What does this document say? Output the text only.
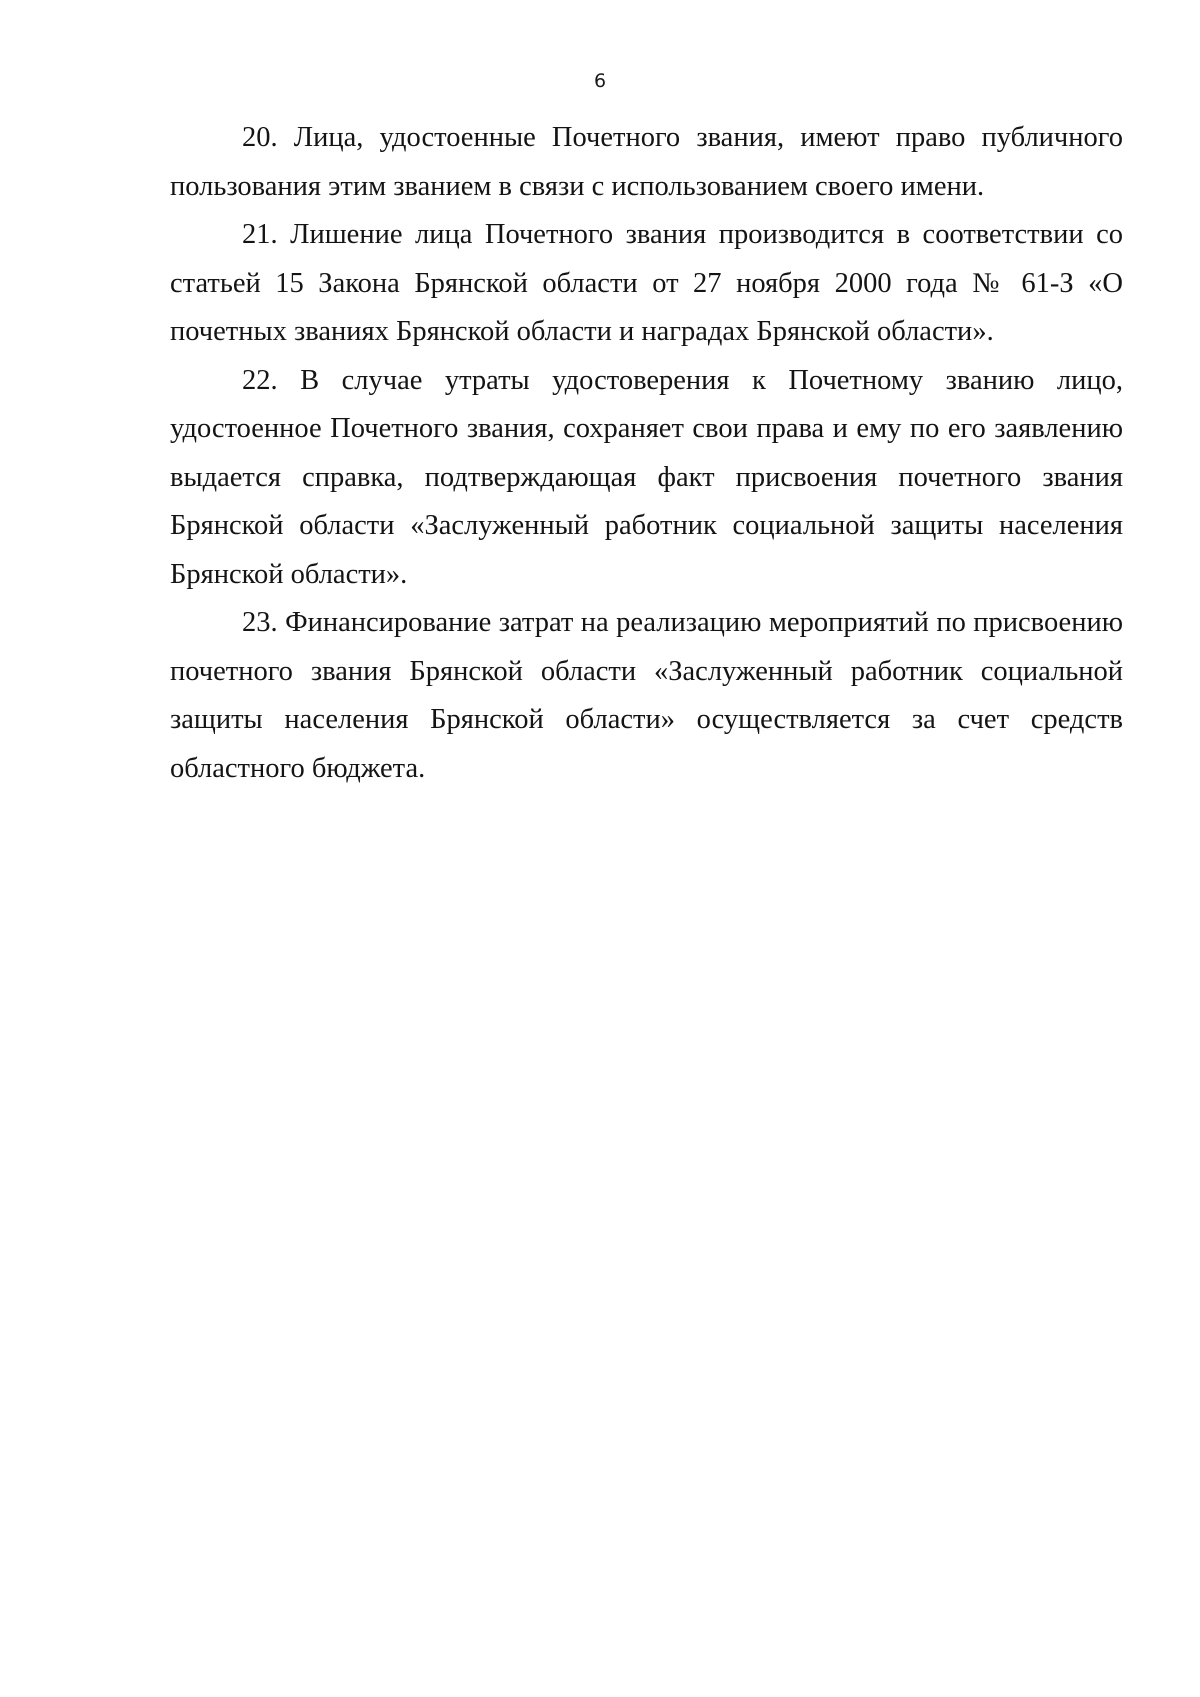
6

20. Лица, удостоенные Почетного звания, имеют право публичного пользования этим званием в связи с использованием своего имени.

21. Лишение лица Почетного звания производится в соответствии со статьей 15 Закона Брянской области от 27 ноября 2000 года № 61-З «О почетных званиях Брянской области и наградах Брянской области».

22. В случае утраты удостоверения к Почетному званию лицо, удостоенное Почетного звания, сохраняет свои права и ему по его заявлению выдается справка, подтверждающая факт присвоения почетного звания Брянской области «Заслуженный работник социальной защиты населения Брянской области».

23. Финансирование затрат на реализацию мероприятий по присвоению почетного звания Брянской области «Заслуженный работник социальной защиты населения Брянской области» осуществляется за счет средств областного бюджета.
